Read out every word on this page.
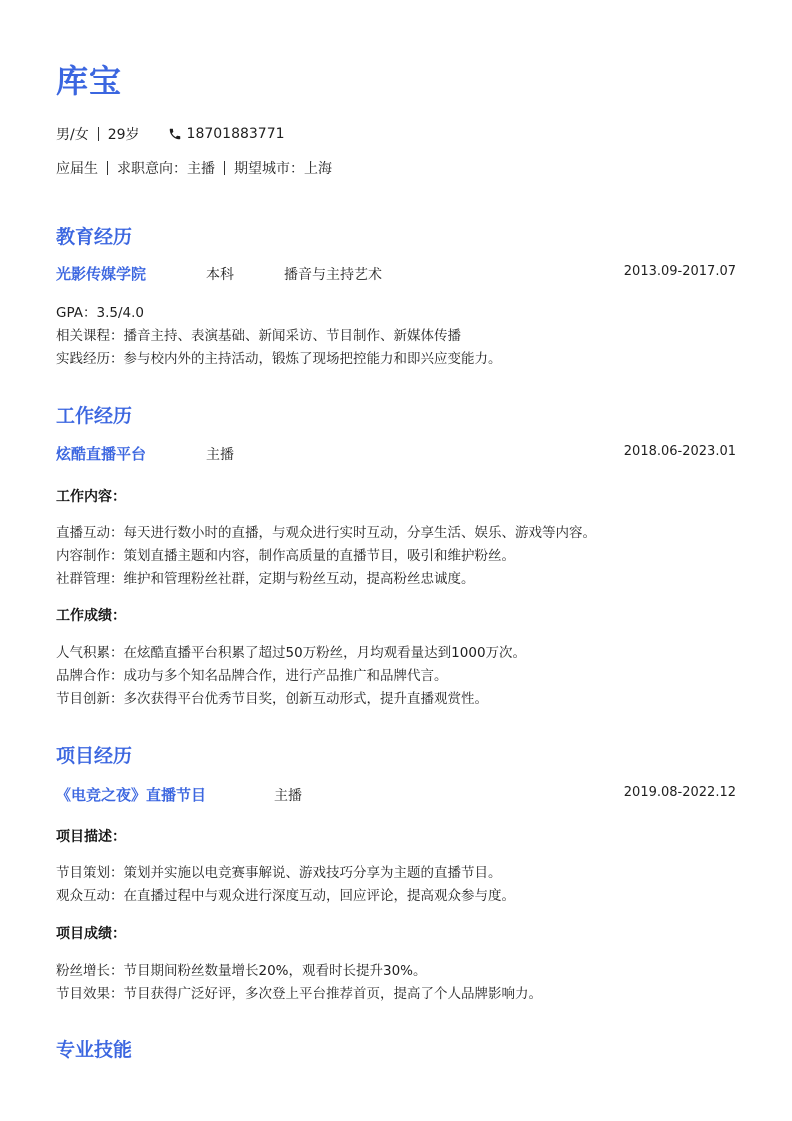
库宝
男/女 29岁	18701883771
应届生 求职意向：主播 期望城市：上海
教育经历
光影传媒学院	本科	播音与主持艺术	2013.09-2017.07
GPA：3.5/4.0
相关课程：播音主持、表演基础、新闻采访、节目制作、新媒体传播
实践经历：参与校内外的主持活动，锻炼了现场把控能力和即兴应变能力。
工作经历
炫酷直播平台	主播	2018.06-2023.01
工作内容：
直播互动：每天进行数小时的直播，与观众进行实时互动，分享生活、娱乐、游戏等内容。
内容制作：策划直播主题和内容，制作高质量的直播节目，吸引和维护粉丝。
社群管理：维护和管理粉丝社群，定期与粉丝互动，提高粉丝忠诚度。
工作成绩：
人气积累：在炫酷直播平台积累了超过50万粉丝，月均观看量达到1000万次。
品牌合作：成功与多个知名品牌合作，进行产品推广和品牌代言。
节目创新：多次获得平台优秀节目奖，创新互动形式，提升直播观赏性。
项目经历
《电竞之夜》直播节目	主播	2019.08-2022.12
项目描述：
节目策划：策划并实施以电竞赛事解说、游戏技巧分享为主题的直播节目。
观众互动：在直播过程中与观众进行深度互动，回应评论，提高观众参与度。
项目成绩：
粉丝增长：节目期间粉丝数量增长20%，观看时长提升30%。
节目效果：节目获得广泛好评，多次登上平台推荐首页，提高了个人品牌影响力。
专业技能
